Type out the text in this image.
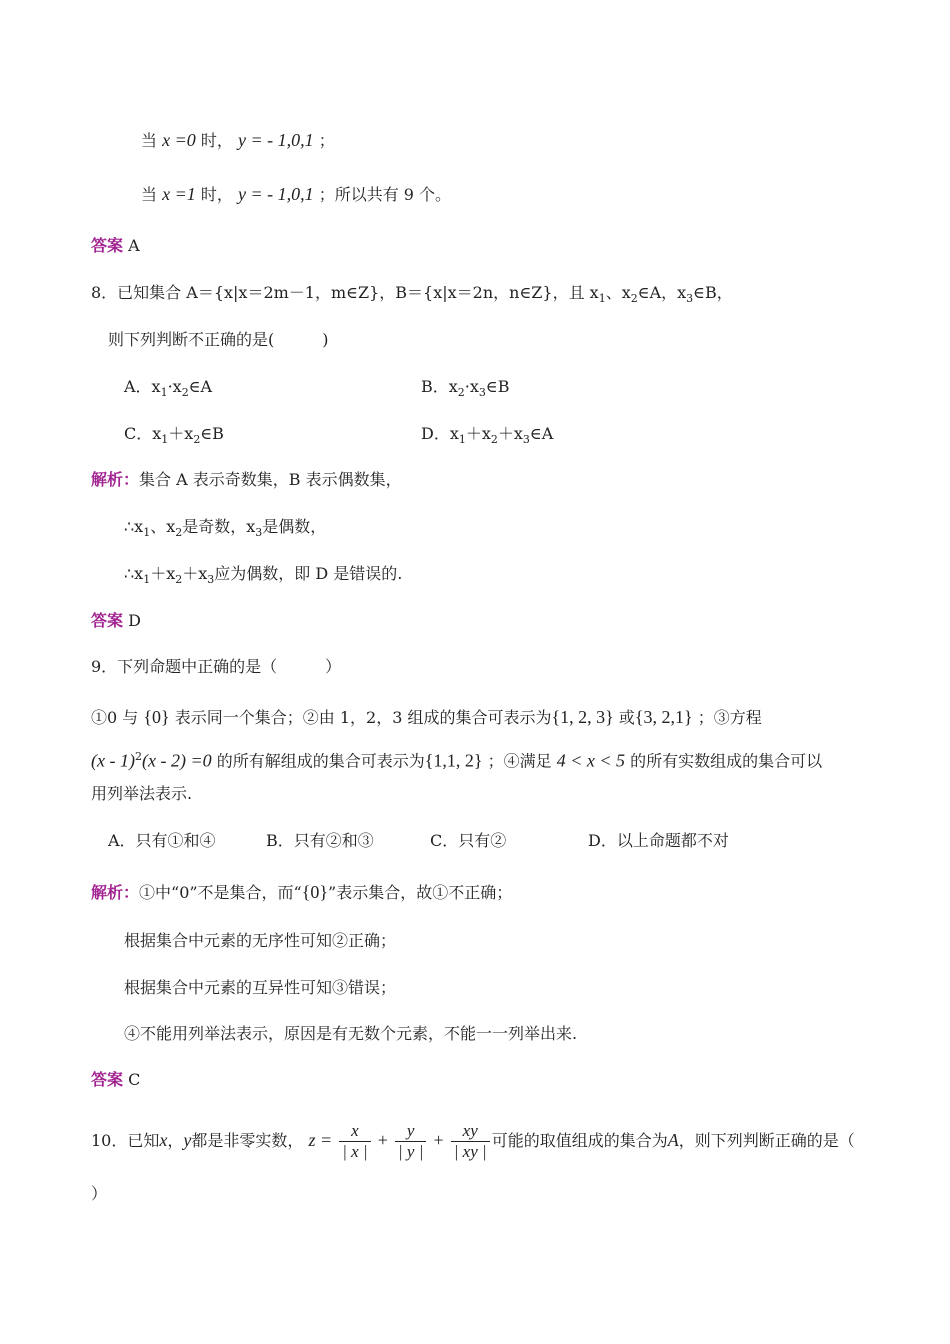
当 x =0 时， y = - 1,0,1 ；
当 x =1 时， y = - 1,0,1 ；所以共有 9 个。
答案 A
8．已知集合 A＝{x|x＝2m－1，m∈Z}，B＝{x|x＝2n，n∈Z}，且 $x_1$、$x_2\in A$，$x_3\in B$，
则下列判断不正确的是(　　　)
A．$x_1\cdot x_2\in A$	B．$x_2\cdot x_3\in B$
C．$x_1+x_2\in B$	D．$x_1+x_2+x_3\in A$
解析：集合 A 表示奇数集，B 表示偶数集，
$\therefore x_1$、$x_2$是奇数，$x_3$是偶数，
$\therefore x_1+x_2+x_3$应为偶数，即 D 是错误的.
答案 D
9．下列命题中正确的是（　　　）
①0 与 {0} 表示同一个集合；②由 1，2，3 组成的集合可表示为{1, 2, 3} 或{3, 2,1} ；③方程
(x - 1)$^2$(x - 2) =0 的所有解组成的集合可表示为{1,1, 2} ；④满足 4 < x < 5 的所有实数组成的集合可以
用列举法表示.
A．只有①和④	B．只有②和③	C．只有②	D．以上命题都不对
解析：①中“0”不是集合，而“{0}”表示集合，故①不正确；
根据集合中元素的无序性可知②正确；
根据集合中元素的互异性可知③错误；
④不能用列举法表示，原因是有无数个元素，不能一一列举出来.
答案 C
10．已知x，y都是非零实数， $z = \frac{x}{| x |} + \frac{y}{| y |} + \frac{xy}{| xy |}$ 可能的取值组成的集合为A，则下列判断正确的是（
）
